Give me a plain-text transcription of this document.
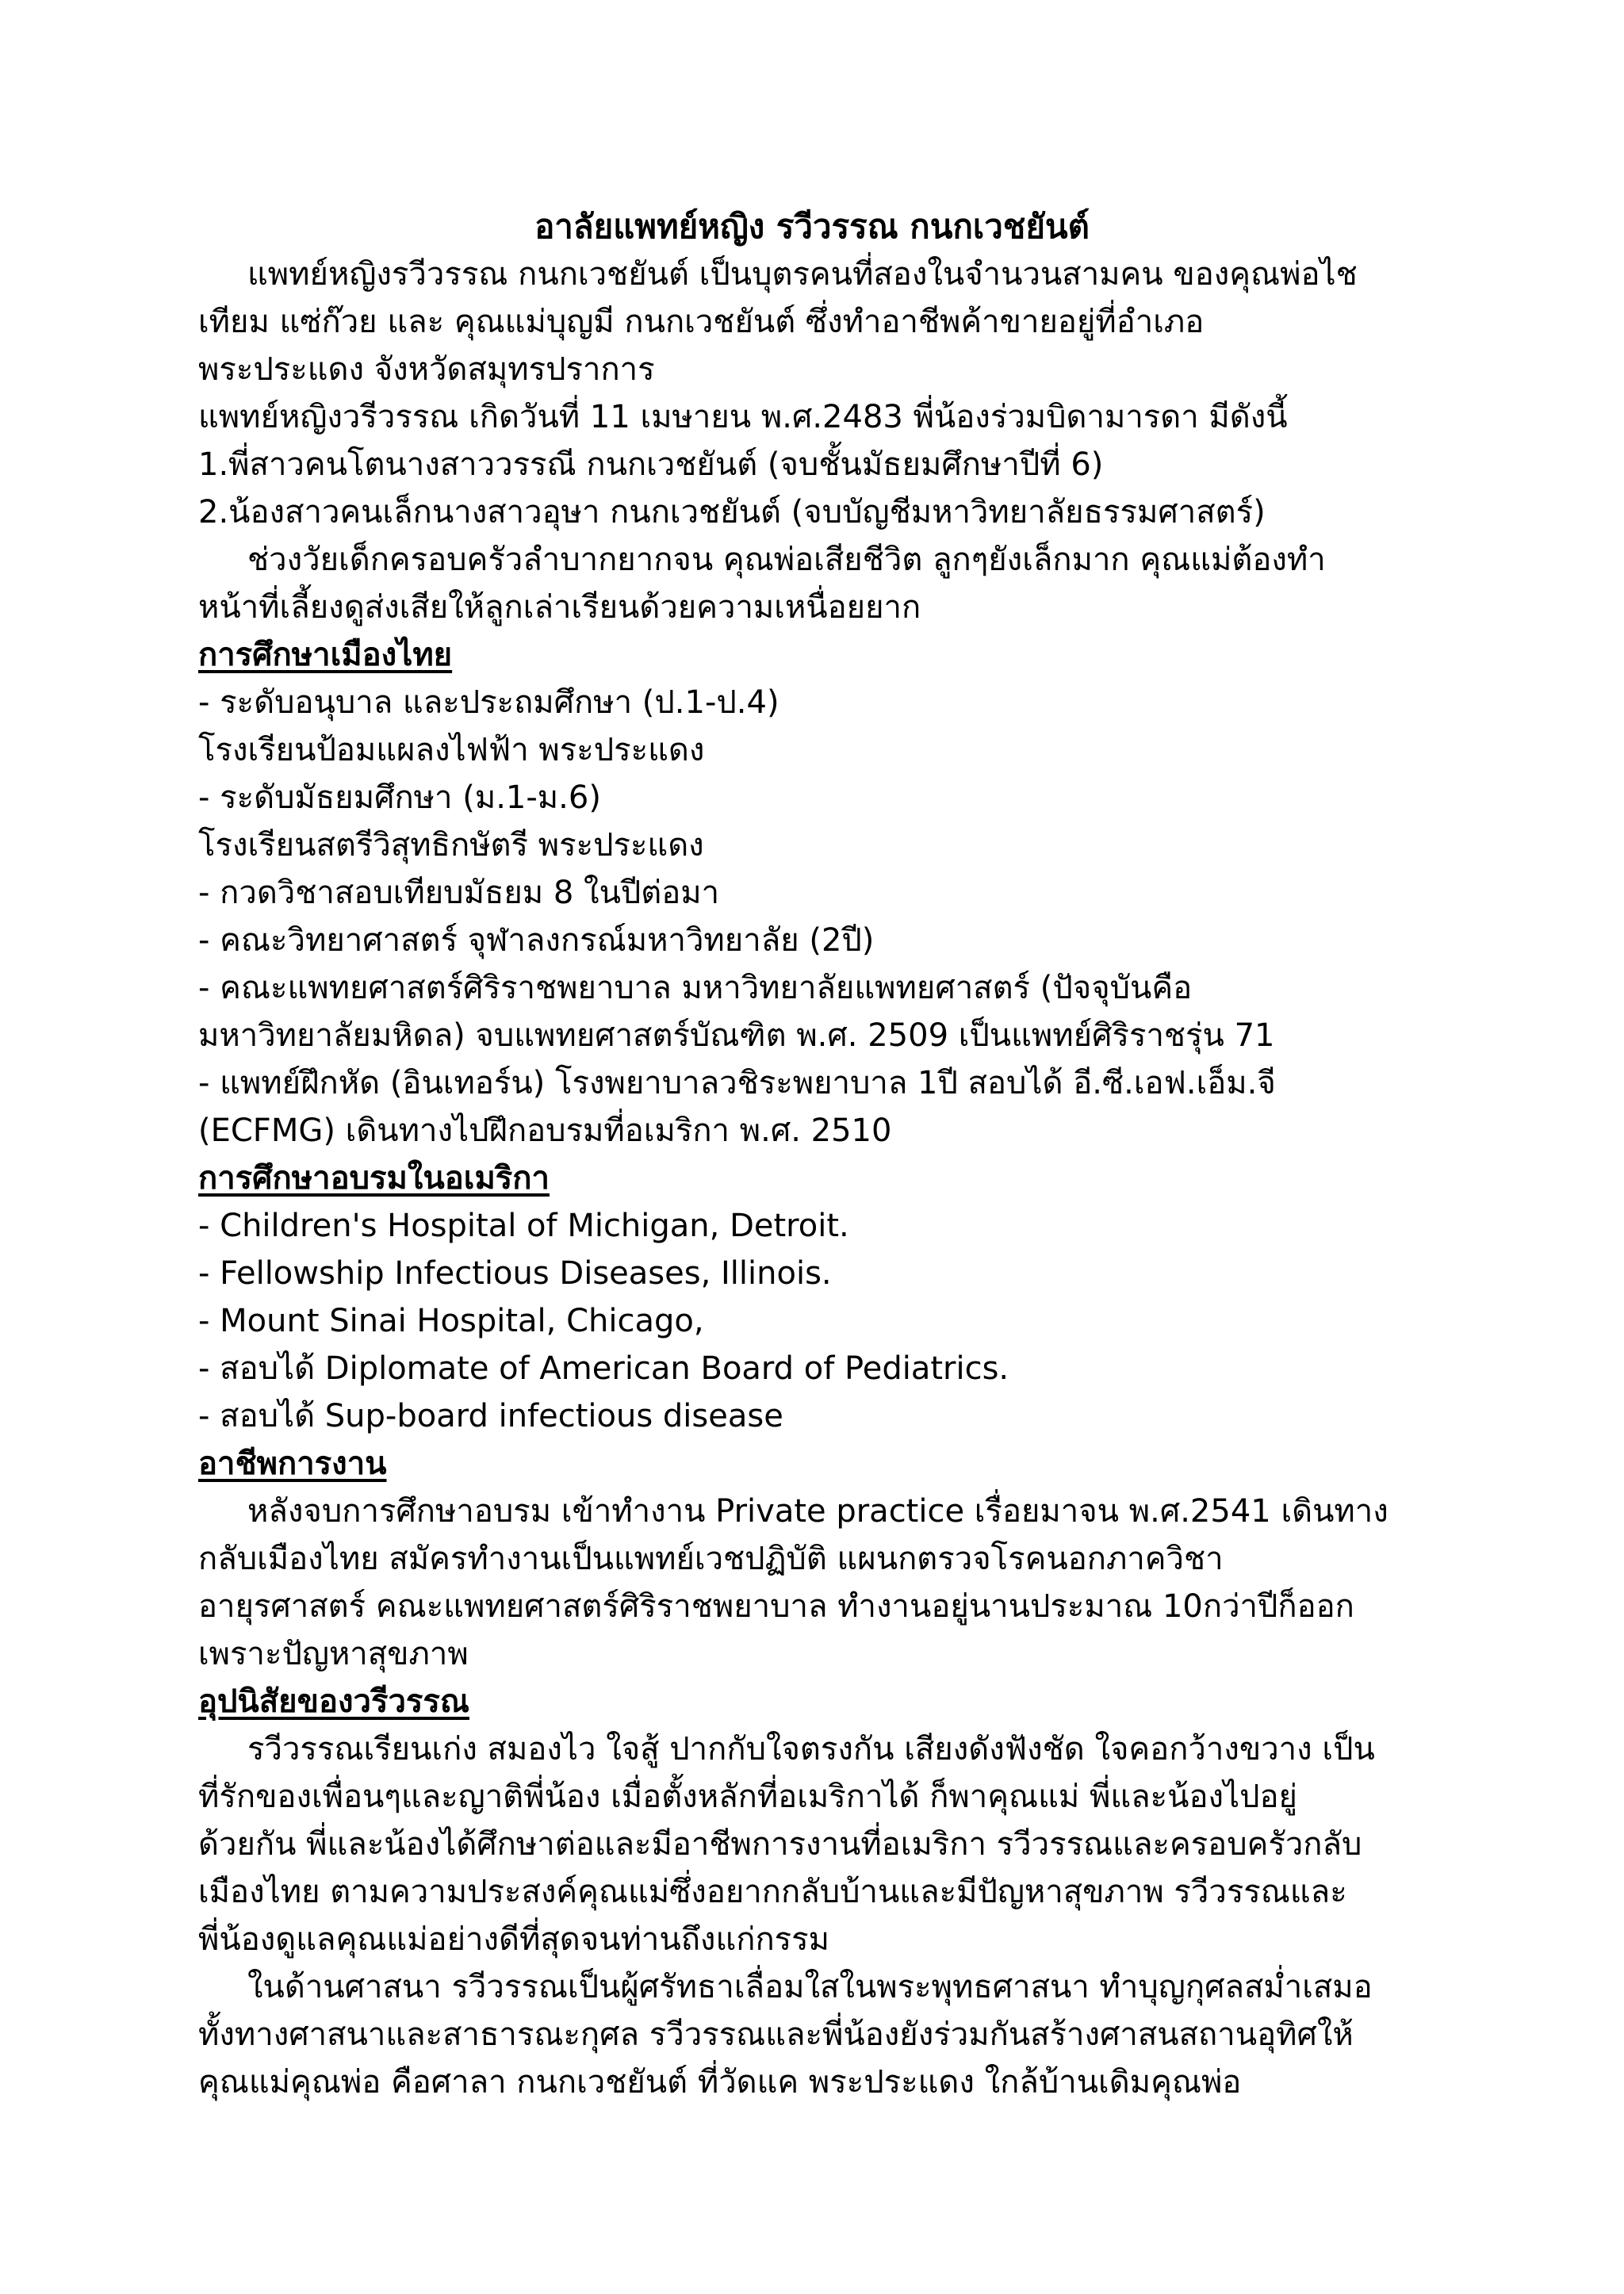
อาลัยแพทย์หญิง รวีวรรณ กนกเวชยันต์

แพทย์หญิงรวีวรรณ กนกเวชยันต์ เป็นบุตรคนที่สองในจำนวนสามคน ของคุณพ่อไช

เทียม แซ่ก๊วย และ คุณแม่บุญมี กนกเวชยันต์ ซึ่งทำอาชีพค้าขายอยู่ที่อำเภอ

พระประแดง จังหวัดสมุทรปราการ

แพทย์หญิงวรีวรรณ เกิดวันที่ 11 เมษายน พ.ศ.2483 พี่น้องร่วมบิดามารดา มีดังนี้

1.พี่สาวคนโตนางสาววรรณี กนกเวชยันต์ (จบชั้นมัธยมศึกษาปีที่ 6)

2.น้องสาวคนเล็กนางสาวอุษา กนกเวชยันต์ (จบบัญชีมหาวิทยาลัยธรรมศาสตร์)

ช่วงวัยเด็กครอบครัวลำบากยากจน คุณพ่อเสียชีวิต ลูกๆยังเล็กมาก คุณแม่ต้องทำ

หน้าที่เลี้ยงดูส่งเสียให้ลูกเล่าเรียนด้วยความเหนื่อยยาก

การศึกษาเมืองไทย

- ระดับอนุบาล และประถมศึกษา (ป.1-ป.4)

โรงเรียนป้อมแผลงไฟฟ้า พระประแดง

- ระดับมัธยมศึกษา (ม.1-ม.6)

โรงเรียนสตรีวิสุทธิกษัตรี พระประแดง

- กวดวิชาสอบเทียบมัธยม 8 ในปีต่อมา

- คณะวิทยาศาสตร์ จุฬาลงกรณ์มหาวิทยาลัย (2ปี)

- คณะแพทยศาสตร์ศิริราชพยาบาล มหาวิทยาลัยแพทยศาสตร์ (ปัจจุบันคือ

มหาวิทยาลัยมหิดล) จบแพทยศาสตร์บัณฑิต พ.ศ. 2509 เป็นแพทย์ศิริราชรุ่น 71

- แพทย์ฝึกหัด (อินเทอร์น) โรงพยาบาลวชิระพยาบาล 1ปี สอบได้ อี.ซี.เอฟ.เอ็ม.จี

(ECFMG) เดินทางไปฝึกอบรมที่อเมริกา พ.ศ. 2510

การศึกษาอบรมในอเมริกา

- Children's Hospital of Michigan, Detroit.

- Fellowship Infectious Diseases, Illinois.

- Mount Sinai Hospital, Chicago,

- สอบได้ Diplomate of American Board of Pediatrics.

- สอบได้ Sup-board infectious disease

อาชีพการงาน

หลังจบการศึกษาอบรม เข้าทำงาน Private practice เรื่อยมาจน พ.ศ.2541 เดินทาง

กลับเมืองไทย สมัครทำงานเป็นแพทย์เวชปฏิบัติ แผนกตรวจโรคนอกภาควิชา

อายุรศาสตร์ คณะแพทยศาสตร์ศิริราชพยาบาล ทำงานอยู่นานประมาณ 10กว่าปีก็ออก

เพราะปัญหาสุขภาพ

อุปนิสัยของวรีวรรณ

รวีวรรณเรียนเก่ง สมองไว ใจสู้ ปากกับใจตรงกัน เสียงดังฟังชัด ใจคอกว้างขวาง เป็น

ที่รักของเพื่อนๆและญาติพี่น้อง เมื่อตั้งหลักที่อเมริกาได้ ก็พาคุณแม่ พี่และน้องไปอยู่

ด้วยกัน พี่และน้องได้ศึกษาต่อและมีอาชีพการงานที่อเมริกา รวีวรรณและครอบครัวกลับ

เมืองไทย ตามความประสงค์คุณแม่ซึ่งอยากกลับบ้านและมีปัญหาสุขภาพ รวีวรรณและ

พี่น้องดูแลคุณแม่อย่างดีที่สุดจนท่านถึงแก่กรรม

ในด้านศาสนา รวีวรรณเป็นผู้ศรัทธาเลื่อมใสในพระพุทธศาสนา ทำบุญกุศลสม่ำเสมอ

ทั้งทางศาสนาและสาธารณะกุศล รวีวรรณและพี่น้องยังร่วมกันสร้างศาสนสถานอุทิศให้

คุณแม่คุณพ่อ คือศาลา กนกเวชยันต์ ที่วัดแค พระประแดง ใกล้บ้านเดิมคุณพ่อ
